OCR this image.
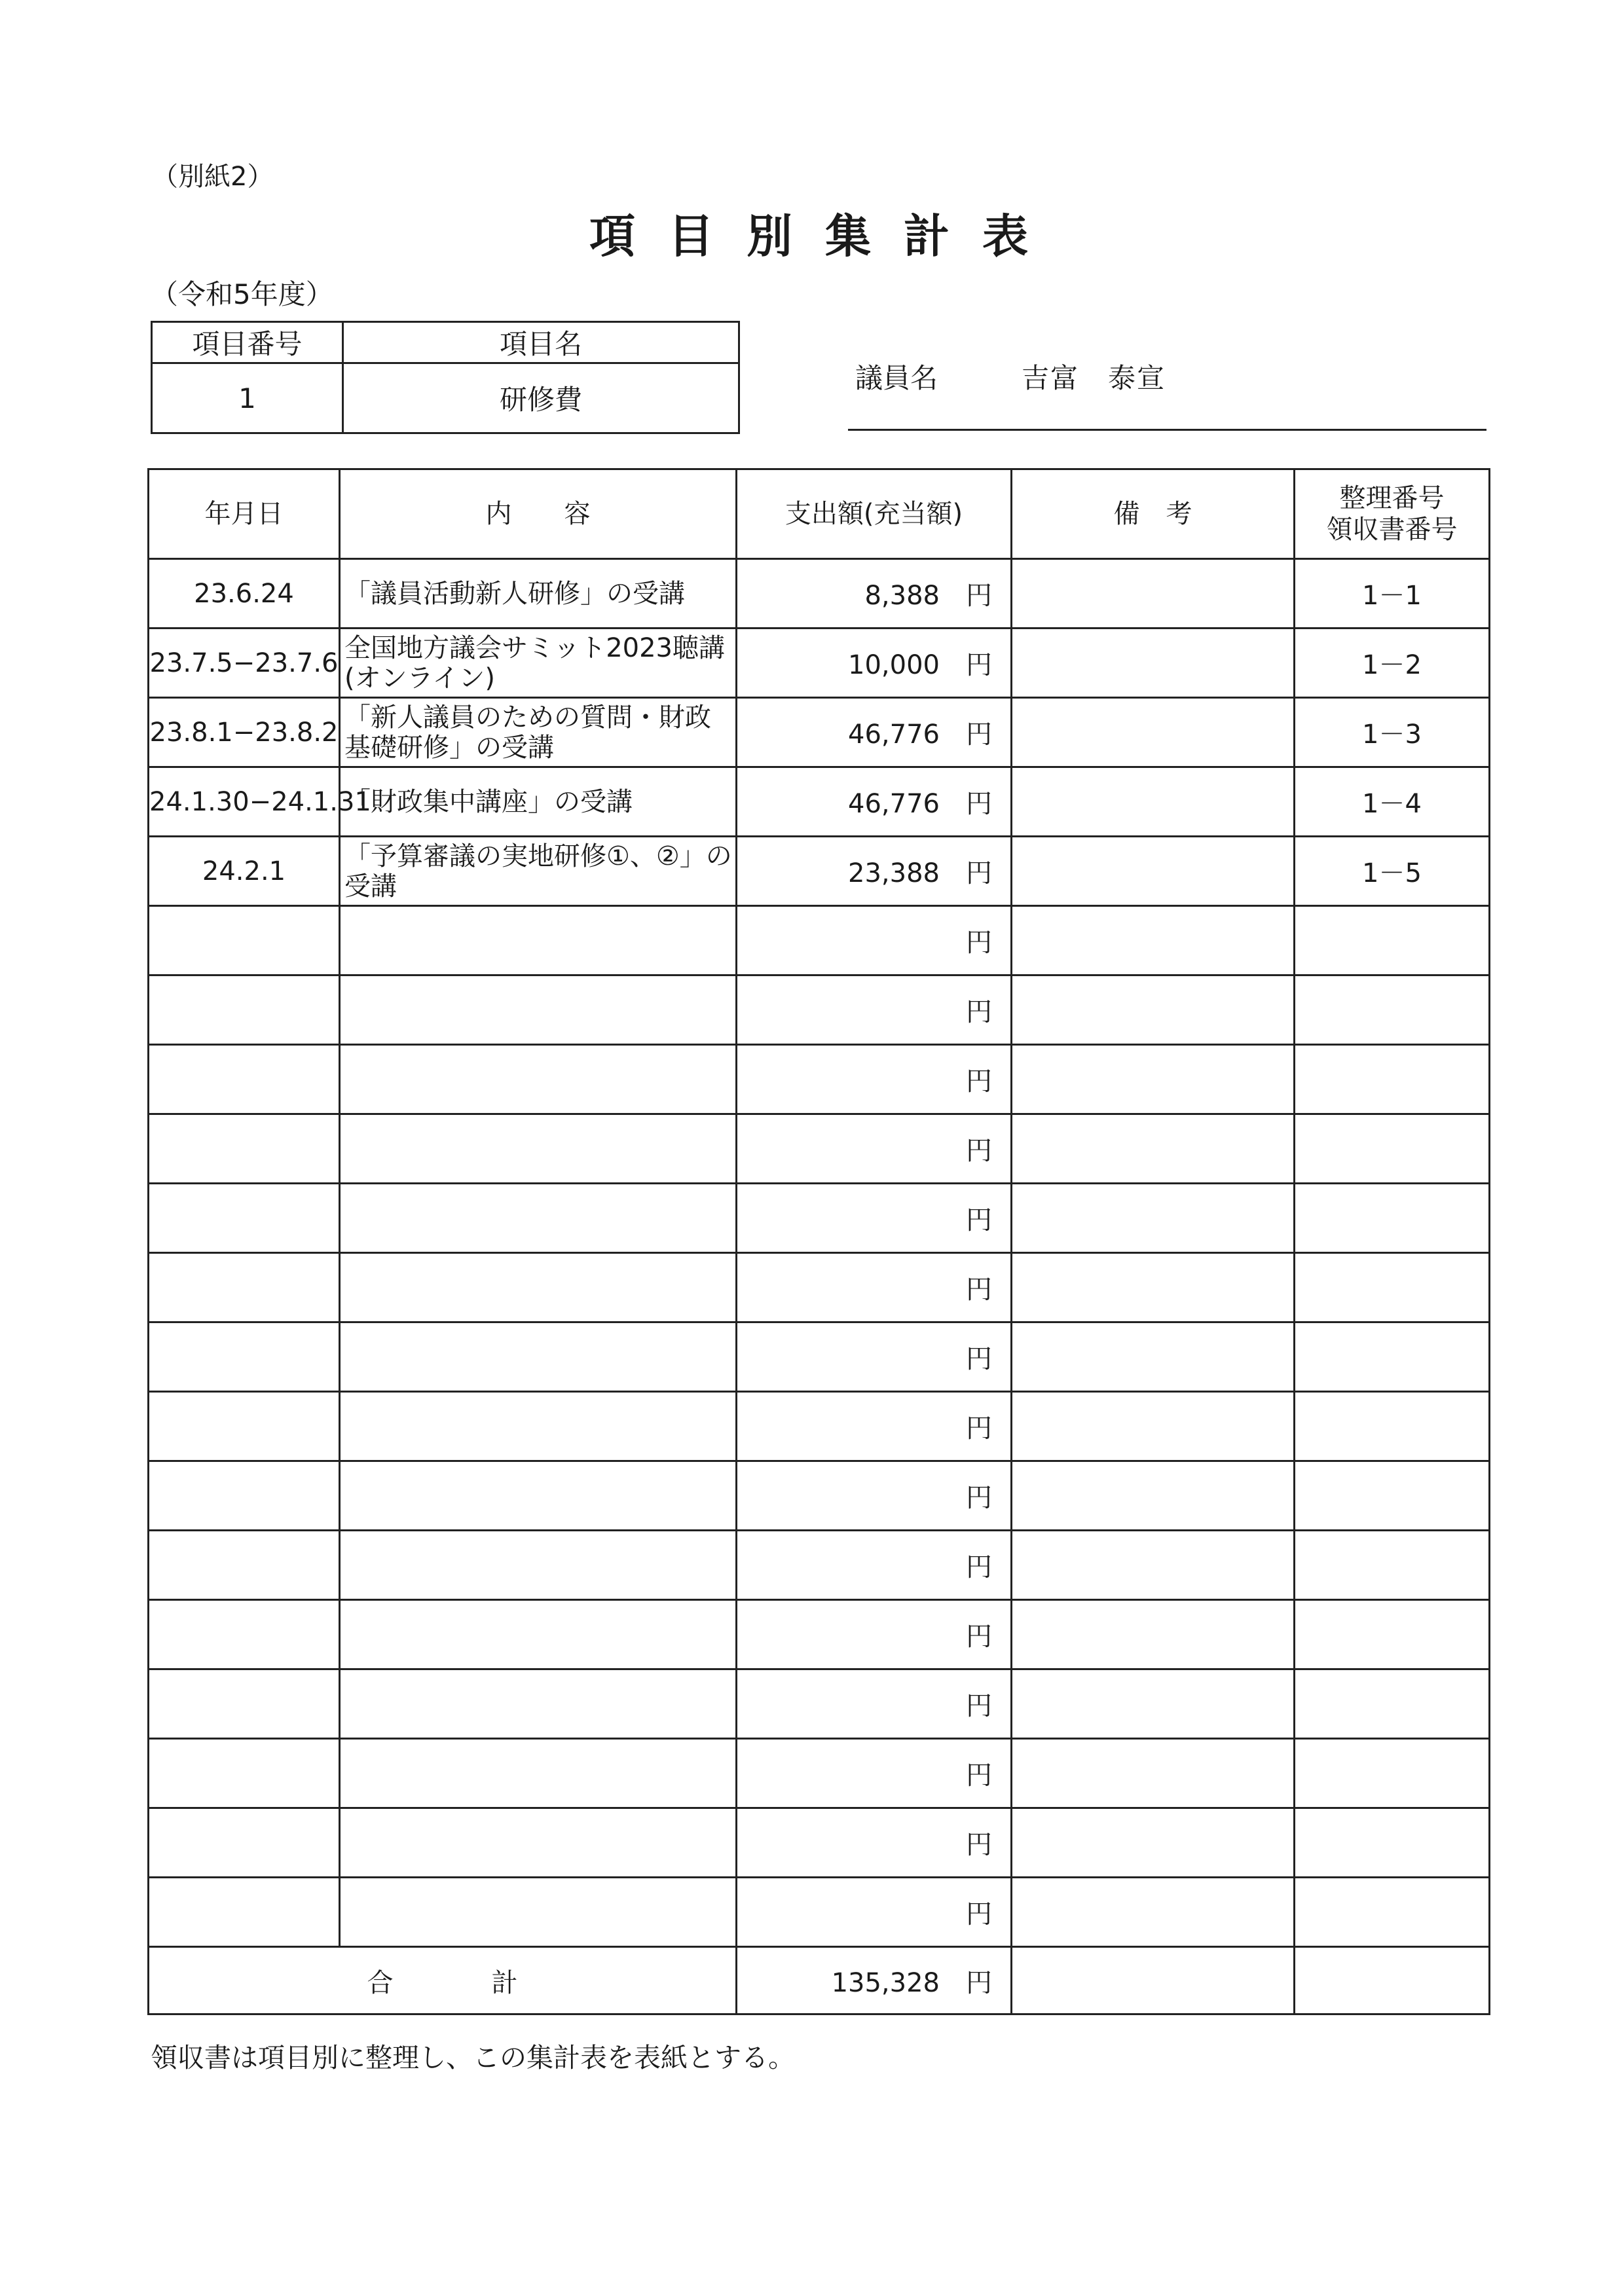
（別紙2）
項目別集計表
（令和5年度）
項目番号	項目名
1	研修費
議員名	吉富　泰宣
年月日	内　　容	支出額(充当額)	備　考	整理番号
領収書番号
23.6.24	「議員活動新人研修」の受講	8,388 円		1－1
23.7.5−23.7.6	全国地方議会サミット2023聴講(オンライン)	10,000 円		1－2
23.8.1−23.8.2	「新人議員のための質問・財政基礎研修」の受講	46,776 円		1－3
24.1.30−24.1.31	「財政集中講座」の受講	46,776 円		1－4
24.2.1	「予算審議の実地研修①、②」の受講	23,388 円		1－5
		円		
		円		
		円		
		円		
		円		
		円		
		円		
		円		
		円		
		円		
		円		
		円		
		円		
		円		
		円		
合計		135,328 円		
領収書は項目別に整理し、この集計表を表紙とする。
